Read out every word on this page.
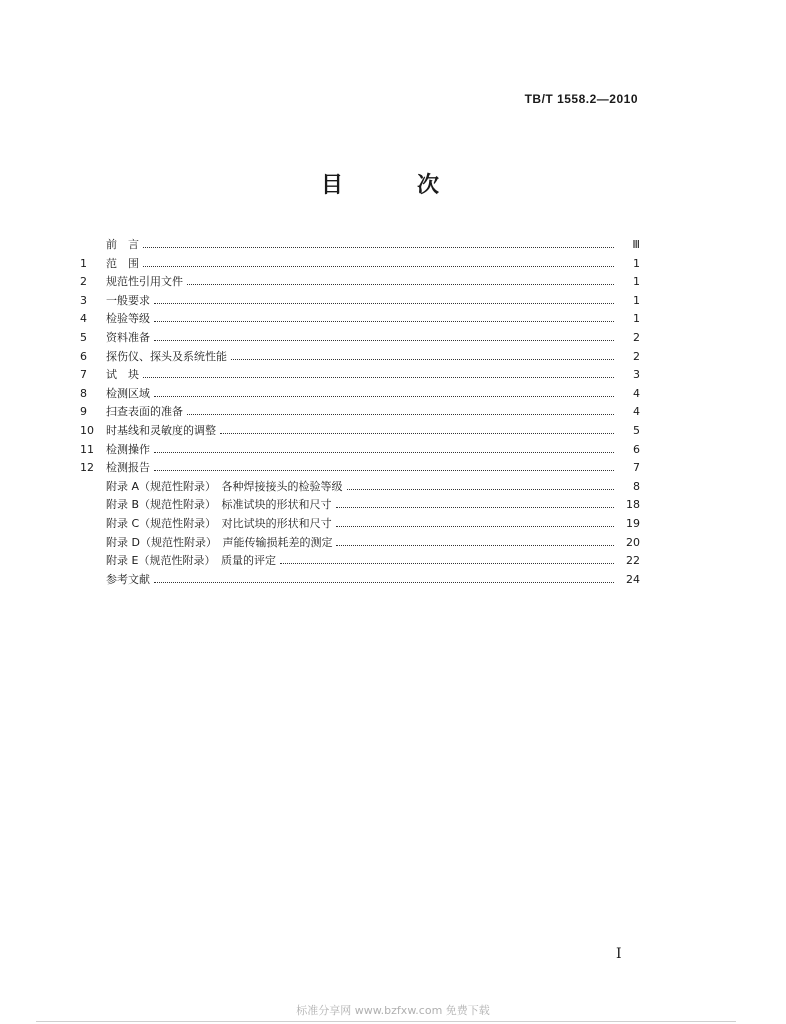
TB/T 1558.2—2010
目　次
前　言	Ⅲ
1	范　围	1
2	规范性引用文件	1
3	一般要求	1
4	检验等级	1
5	资料准备	2
6	探伤仪、探头及系统性能	2
7	试　块	3
8	检测区域	4
9	扫查表面的准备	4
10	时基线和灵敏度的调整	5
11	检测操作	6
12	检测报告	7
附录 A（规范性附录）　各种焊接接头的检验等级	8
附录 B（规范性附录）　标准试块的形状和尺寸	18
附录 C（规范性附录）　对比试块的形状和尺寸	19
附录 D（规范性附录）　声能传输损耗差的测定	20
附录 E（规范性附录）　质量的评定	22
参考文献	24
I
标准分享网 www.bzfxw.com 免费下载
